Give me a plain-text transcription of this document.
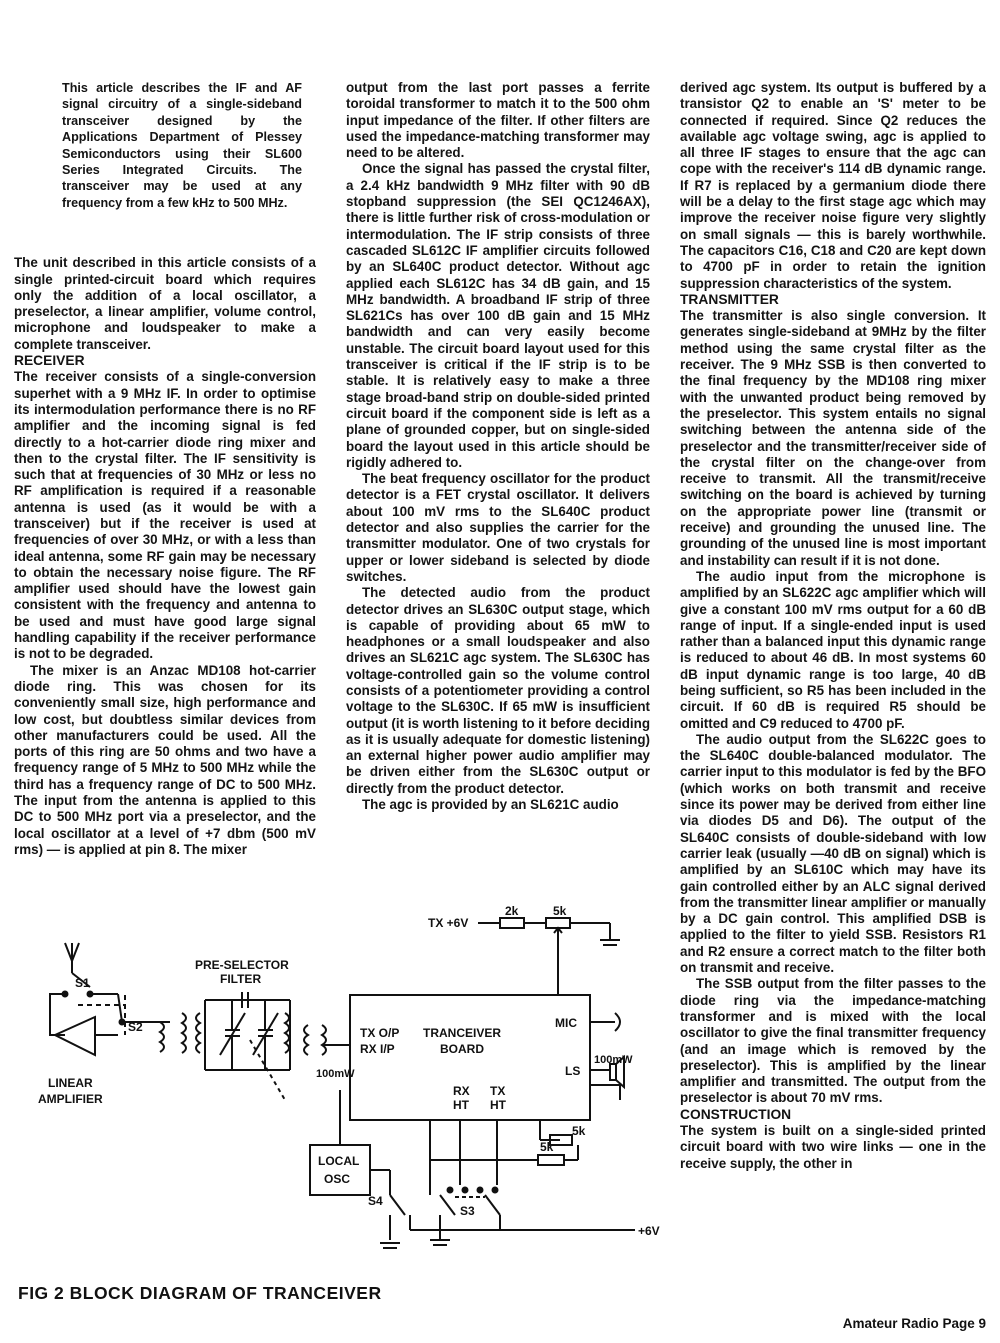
This article describes the IF and AF signal circuitry of a single-sideband transceiver designed by the Applications Department of Plessey Semiconductors using their SL600 Series Integrated Circuits. The transceiver may be used at any frequency from a few kHz to 500 MHz.

The unit described in this article consists of a single printed-circuit board which requires only the addition of a local oscillator, a preselector, a linear amplifier, volume control, microphone and loudspeaker to make a complete transceiver.

RECEIVER

The receiver consists of a single-conversion superhet with a 9 MHz IF. In order to optimise its intermodulation performance there is no RF amplifier and the incoming signal is fed directly to a hot-carrier diode ring mixer and then to the crystal filter. The IF sensitivity is such that at frequencies of 30 MHz or less no RF amplification is required if a reasonable antenna is used (as it would be with a transceiver) but if the receiver is used at frequencies of over 30 MHz, or with a less than ideal antenna, some RF gain may be necessary to obtain the necessary noise figure. The RF amplifier used should have the lowest gain consistent with the frequency and antenna to be used and must have good large signal handling capability if the receiver performance is not to be degraded.

The mixer is an Anzac MD108 hot-carrier diode ring. This was chosen for its conveniently small size, high performance and low cost, but doubtless similar devices from other manufacturers could be used. All the ports of this ring are 50 ohms and two have a frequency range of 5 MHz to 500 MHz while the third has a frequency range of DC to 500 MHz. The input from the antenna is applied to this DC to 500 MHz port via a preselector, and the local oscillator at a level of +7 dbm (500 mV rms) — is applied at pin 8. The mixer

output from the last port passes a ferrite toroidal transformer to match it to the 500 ohm input impedance of the filter. If other filters are used the impedance-matching transformer may need to be altered.

Once the signal has passed the crystal filter, a 2.4 kHz bandwidth 9 MHz filter with 90 dB stopband suppression (the SEI QC1246AX), there is little further risk of cross-modulation or intermodulation. The IF strip consists of three cascaded SL612C IF amplifier circuits followed by an SL640C product detector. Without agc applied each SL612C has 34 dB gain, and 15 MHz bandwidth. A broadband IF strip of three SL621Cs has over 100 dB gain and 15 MHz bandwidth and can very easily become unstable. The circuit board layout used for this transceiver is critical if the IF strip is to be stable. It is relatively easy to make a three stage broad-band strip on double-sided printed circuit board if the component side is left as a plane of grounded copper, but on single-sided board the layout used in this article should be rigidly adhered to.

The beat frequency oscillator for the product detector is a FET crystal oscillator. It delivers about 100 mV rms to the SL640C product detector and also supplies the carrier for the transmitter modulator. One of two crystals for upper or lower sideband is selected by diode switches.

The detected audio from the product detector drives an SL630C output stage, which is capable of providing about 65 mW to headphones or a small loudspeaker and also drives an SL621C agc system. The SL630C has voltage-controlled gain so the volume control consists of a potentiometer providing a control voltage to the SL630C. If 65 mW is insufficient output (it is worth listening to it before deciding as it is usually adequate for domestic listening) an external higher power audio amplifier may be driven either from the SL630C output or directly from the product detector.

The agc is provided by an SL621C audio

derived agc system. Its output is buffered by a transistor Q2 to enable an 'S' meter to be connected if required. Since Q2 reduces the available agc voltage swing, agc is applied to all three IF stages to ensure that the agc can cope with the receiver's 114 dB dynamic range. If R7 is replaced by a germanium diode there will be a delay to the first stage agc which may improve the receiver noise figure very slightly on small signals — this is barely worthwhile. The capacitors C16, C18 and C20 are kept down to 4700 pF in order to retain the ignition suppression characteristics of the system.

TRANSMITTER

The transmitter is also single conversion. It generates single-sideband at 9MHz by the filter method using the same crystal filter as the receiver. The 9 MHz SSB is then converted to the final frequency by the MD108 ring mixer with the unwanted product being removed by the preselector. This system entails no signal switching between the antenna side of the preselector and the transmitter/receiver side of the crystal filter on the change-over from receive to transmit. All the transmit/receive switching on the board is achieved by turning on the appropriate power line (transmit or receive) and grounding the unused line. The grounding of the unused line is most important and instability can result if it is not done.

The audio input from the microphone is amplified by an SL622C agc amplifier which will give a constant 100 mV rms output for a 60 dB range of input. If a single-ended input is used rather than a balanced input this dynamic range is reduced to about 46 dB. In most systems 60 dB input dynamic range is too large, 40 dB being sufficient, so R5 has been included in the circuit. If 60 dB is required R5 should be omitted and C9 reduced to 4700 pF.

The audio output from the SL622C goes to the SL640C double-balanced modulator. The carrier input to this modulator is fed by the BFO (which works on both transmit and receive since its power may be derived from either line via diodes D5 and D6). The output of the SL640C consists of double-sideband with low carrier leak (usually —40 dB on signal) which is amplified by an SL610C which may have its gain controlled either by an ALC signal derived from the transmitter linear amplifier or manually by a DC gain control. This amplified DSB is applied to the filter to yield SSB. Resistors R1 and R2 ensure a correct match to the filter both on transmit and receive.

The SSB output from the filter passes to the diode ring via the impedance-matching transformer and is mixed with the local oscillator to give the final transmitter frequency (and an image which is removed by the preselector). This is amplified by the linear amplifier and transmitted. The output from the preselector is about 70 mV rms.

CONSTRUCTION

The system is built on a single-sided printed circuit board with two wire links — one in the receive supply, the other in

S1
LINEAR
AMPLIFIER
S2
PRE-SELECTOR
FILTER
100mW
TX O/P
RX I/P
TRANCEIVER
BOARD
MIC
LS
RX
HT
TX
HT
TX +6V
2k	5k
100mW
5k
5k
S3
+6V
LOCAL
OSC
S4
FIG 2 BLOCK DIAGRAM OF TRANCEIVER
Amateur Radio Page 9
